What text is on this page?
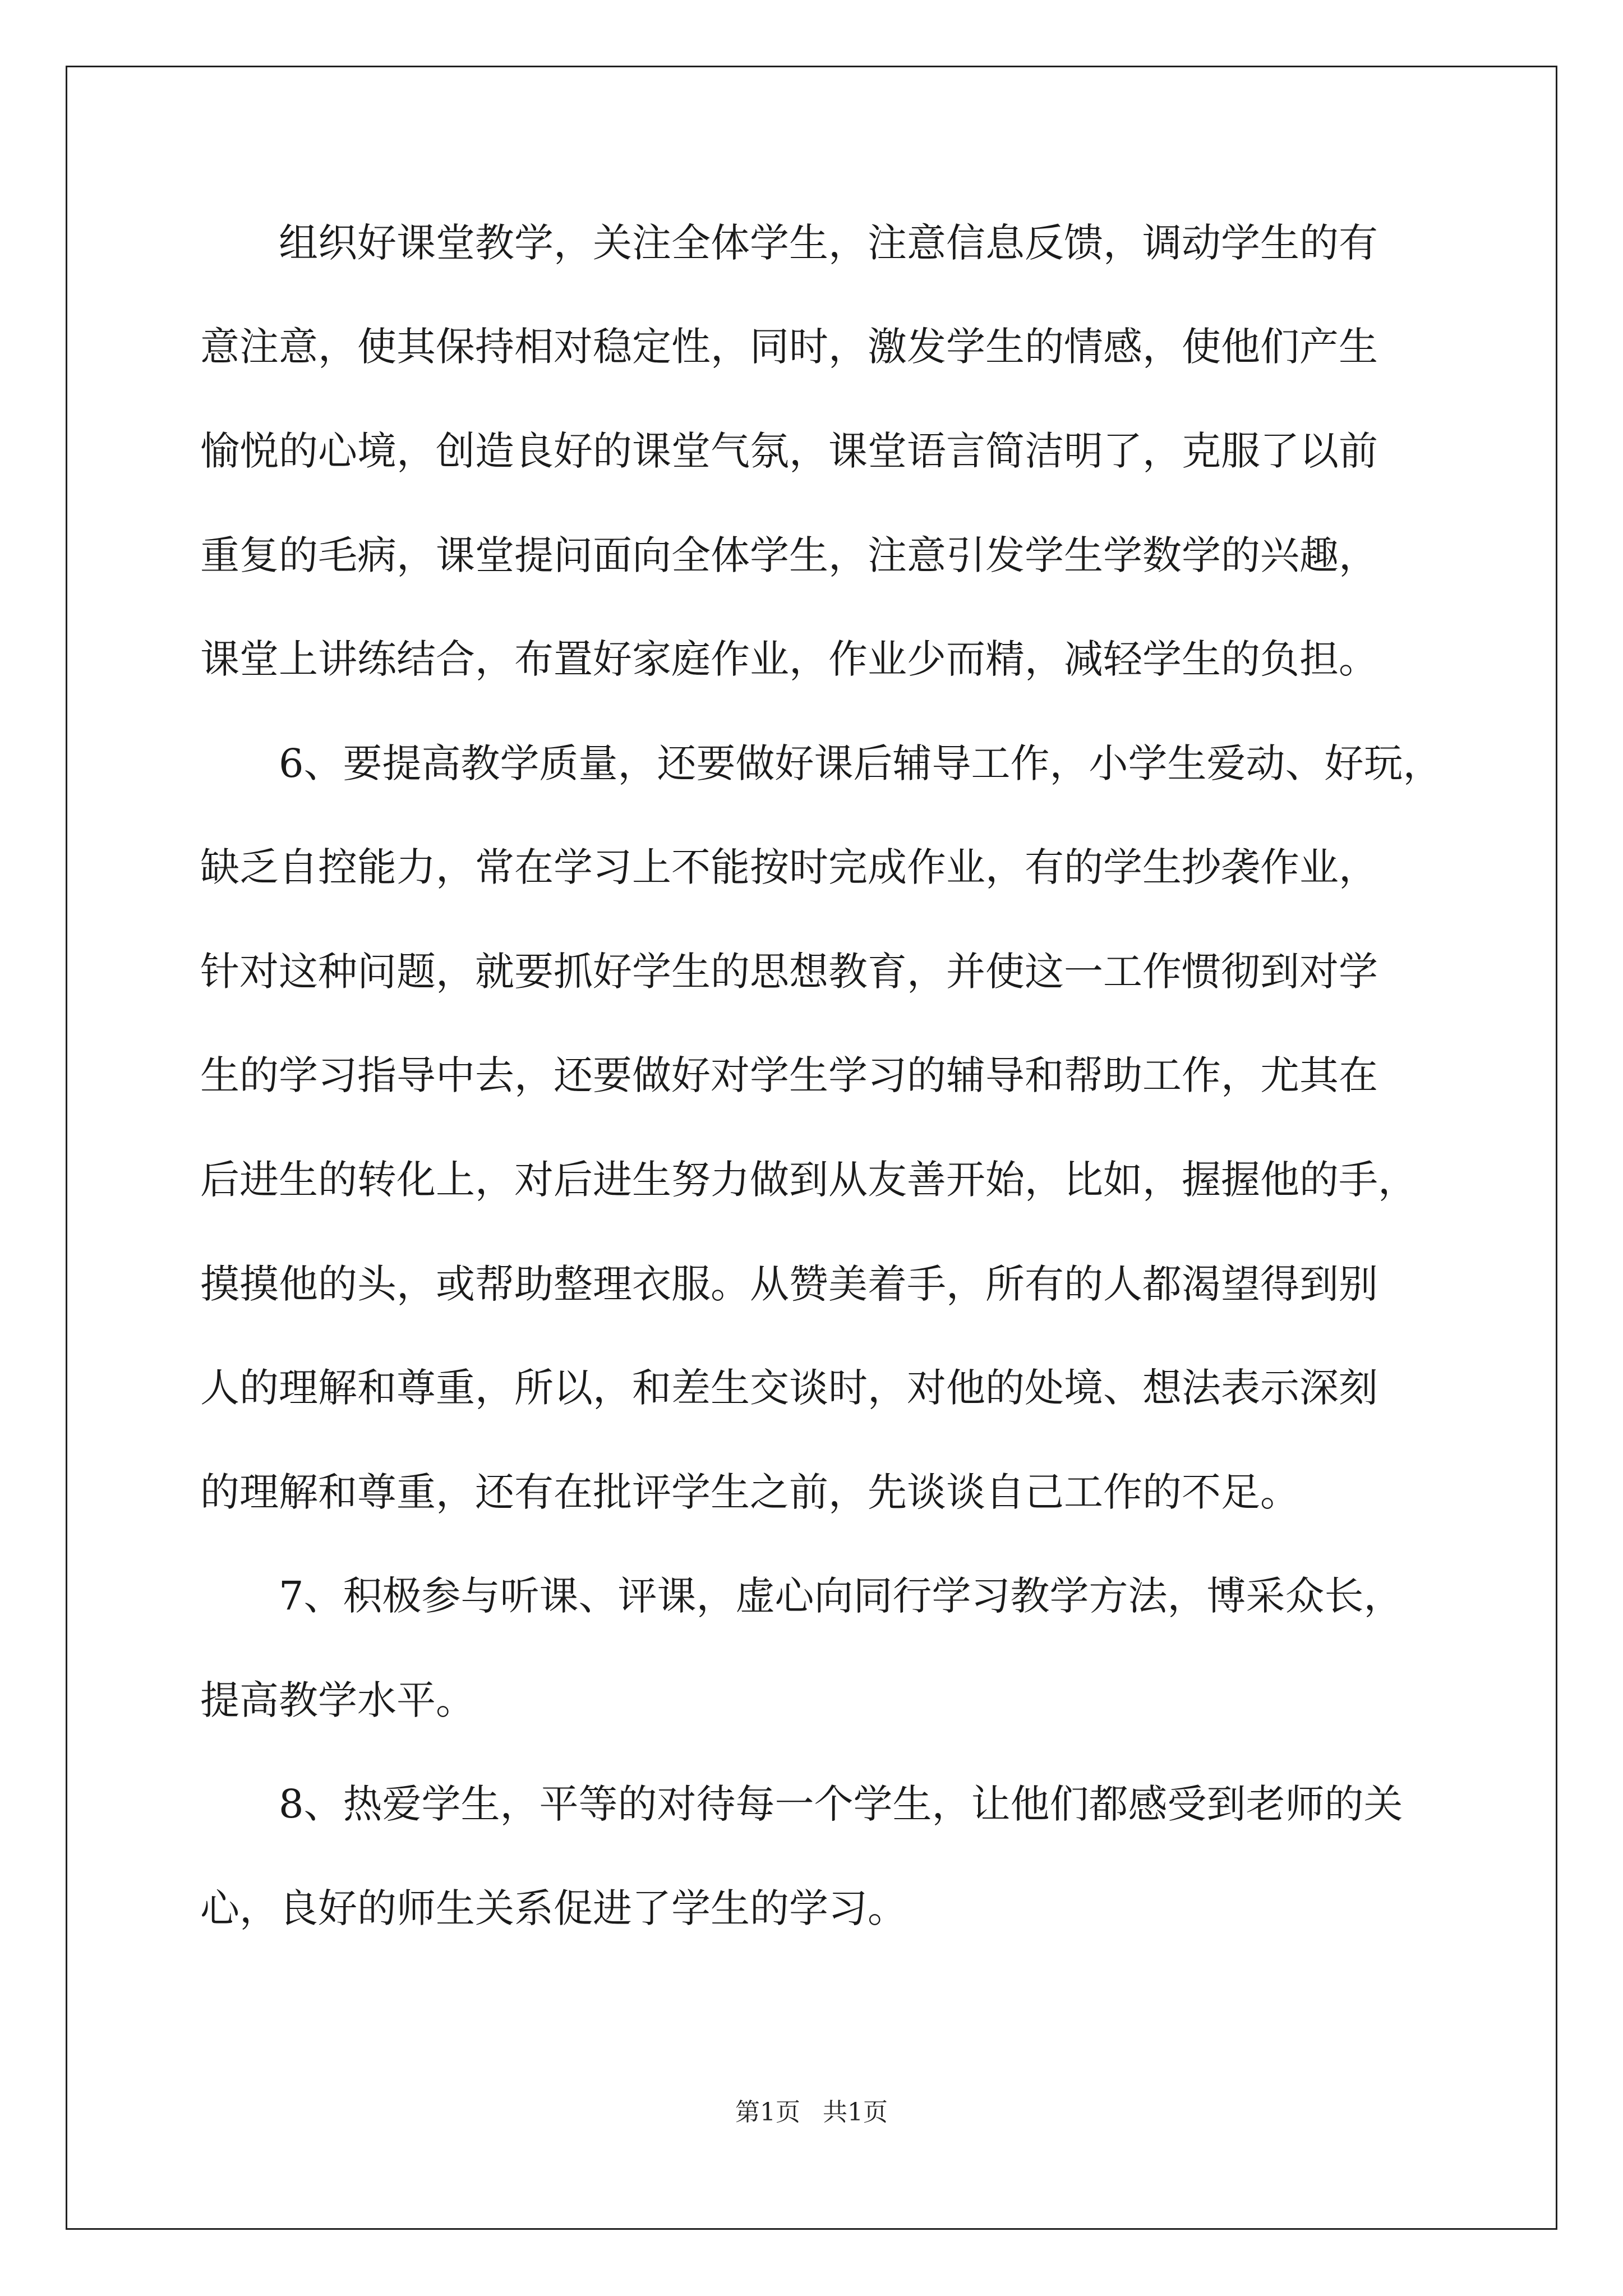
组织好课堂教学，关注全体学生，注意信息反馈，调动学生的有
意注意，使其保持相对稳定性，同时，激发学生的情感，使他们产生
愉悦的心境，创造良好的课堂气氛，课堂语言简洁明了，克服了以前
重复的毛病，课堂提问面向全体学生，注意引发学生学数学的兴趣，
课堂上讲练结合，布置好家庭作业，作业少而精，减轻学生的负担。
6、要提高教学质量，还要做好课后辅导工作，小学生爱动、好玩，
缺乏自控能力，常在学习上不能按时完成作业，有的学生抄袭作业，
针对这种问题，就要抓好学生的思想教育，并使这一工作惯彻到对学
生的学习指导中去，还要做好对学生学习的辅导和帮助工作，尤其在
后进生的转化上，对后进生努力做到从友善开始，比如，握握他的手，
摸摸他的头，或帮助整理衣服。从赞美着手，所有的人都渴望得到别
人的理解和尊重，所以，和差生交谈时，对他的处境、想法表示深刻
的理解和尊重，还有在批评学生之前，先谈谈自己工作的不足。
7、积极参与听课、评课，虚心向同行学习教学方法，博采众长，
提高教学水平。
8、热爱学生，平等的对待每一个学生，让他们都感受到老师的关
心，良好的师生关系促进了学生的学习。
第1页 共1页
